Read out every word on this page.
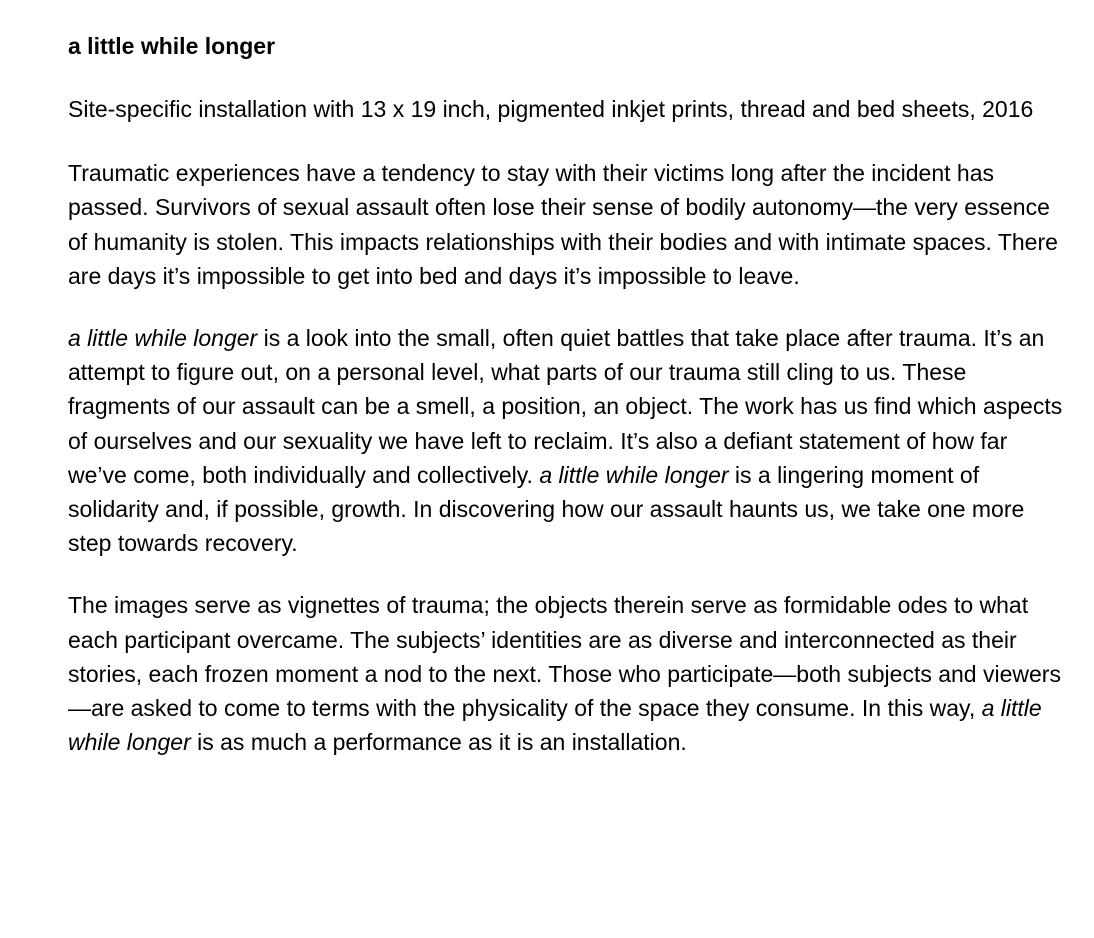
a little while longer

Site-specific installation with 13 x 19 inch, pigmented inkjet prints, thread and bed sheets, 2016

Traumatic experiences have a tendency to stay with their victims long after the incident has passed. Survivors of sexual assault often lose their sense of bodily autonomy—the very essence of humanity is stolen. This impacts relationships with their bodies and with intimate spaces. There are days it’s impossible to get into bed and days it’s impossible to leave.

a little while longer is a look into the small, often quiet battles that take place after trauma. It’s an attempt to figure out, on a personal level, what parts of our trauma still cling to us. These fragments of our assault can be a smell, a position, an object. The work has us find which aspects of ourselves and our sexuality we have left to reclaim. It’s also a defiant statement of how far we’ve come, both individually and collectively. a little while longer is a lingering moment of solidarity and, if possible, growth. In discovering how our assault haunts us, we take one more step towards recovery.

The images serve as vignettes of trauma; the objects therein serve as formidable odes to what each participant overcame. The subjects’ identities are as diverse and interconnected as their stories, each frozen moment a nod to the next. Those who participate—both subjects and viewers—are asked to come to terms with the physicality of the space they consume. In this way, a little while longer is as much a performance as it is an installation.
